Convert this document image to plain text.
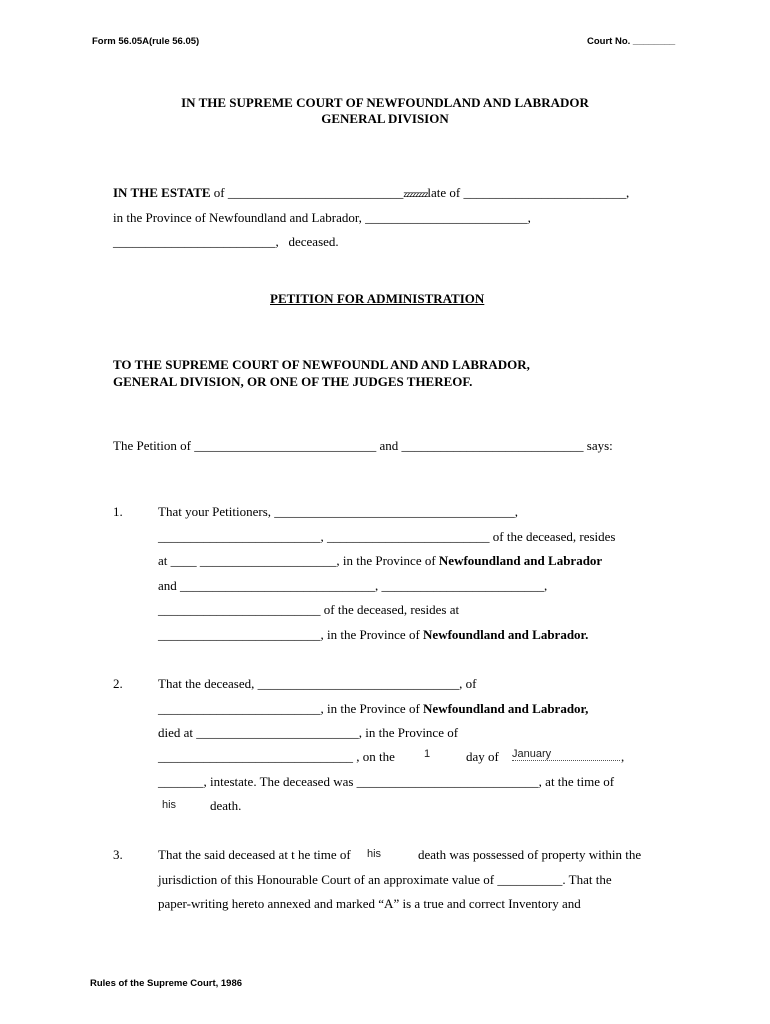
Form 56.05A(rule 56.05)	Court No. ________
IN THE SUPREME COURT OF NEWFOUNDLAND AND LABRADOR
GENERAL DIVISION
IN THE ESTATE of ___________________________zzzzzzzzlate of _________________________,
in the Province of Newfoundland and Labrador, _________________________,
_________________________, deceased.
PETITION FOR ADMINISTRATION
TO THE SUPREME COURT OF NEWFOUNDL AND AND LABRADOR,
GENERAL DIVISION, OR ONE OF THE JUDGES THEREOF.
The Petition of ____________________________ and ____________________________ says:
1.	That your Petitioners, _____________________________________,
_________________________, _________________________ of the deceased, resides
at ____ _____________________, in the Province of Newfoundland and Labrador
and ______________________________, _________________________,
_________________________ of the deceased, resides at
_________________________, in the Province of Newfoundland and Labrador.
2.	That the deceased, _______________________________, of
_________________________, in the Province of Newfoundland and Labrador,
died at _________________________, in the Province of
______________________________ , on the	1	day of January	,
_______, intestate. The deceased was ____________________________, at the time of
his	death.
3.	That the said deceased at t he time of his	death was possessed of property within the
jurisdiction of this Honourable Court of an approximate value of __________. That the
paper-writing hereto annexed and marked “A” is a true and correct Inventory and
Rules of the Supreme Court, 1986
